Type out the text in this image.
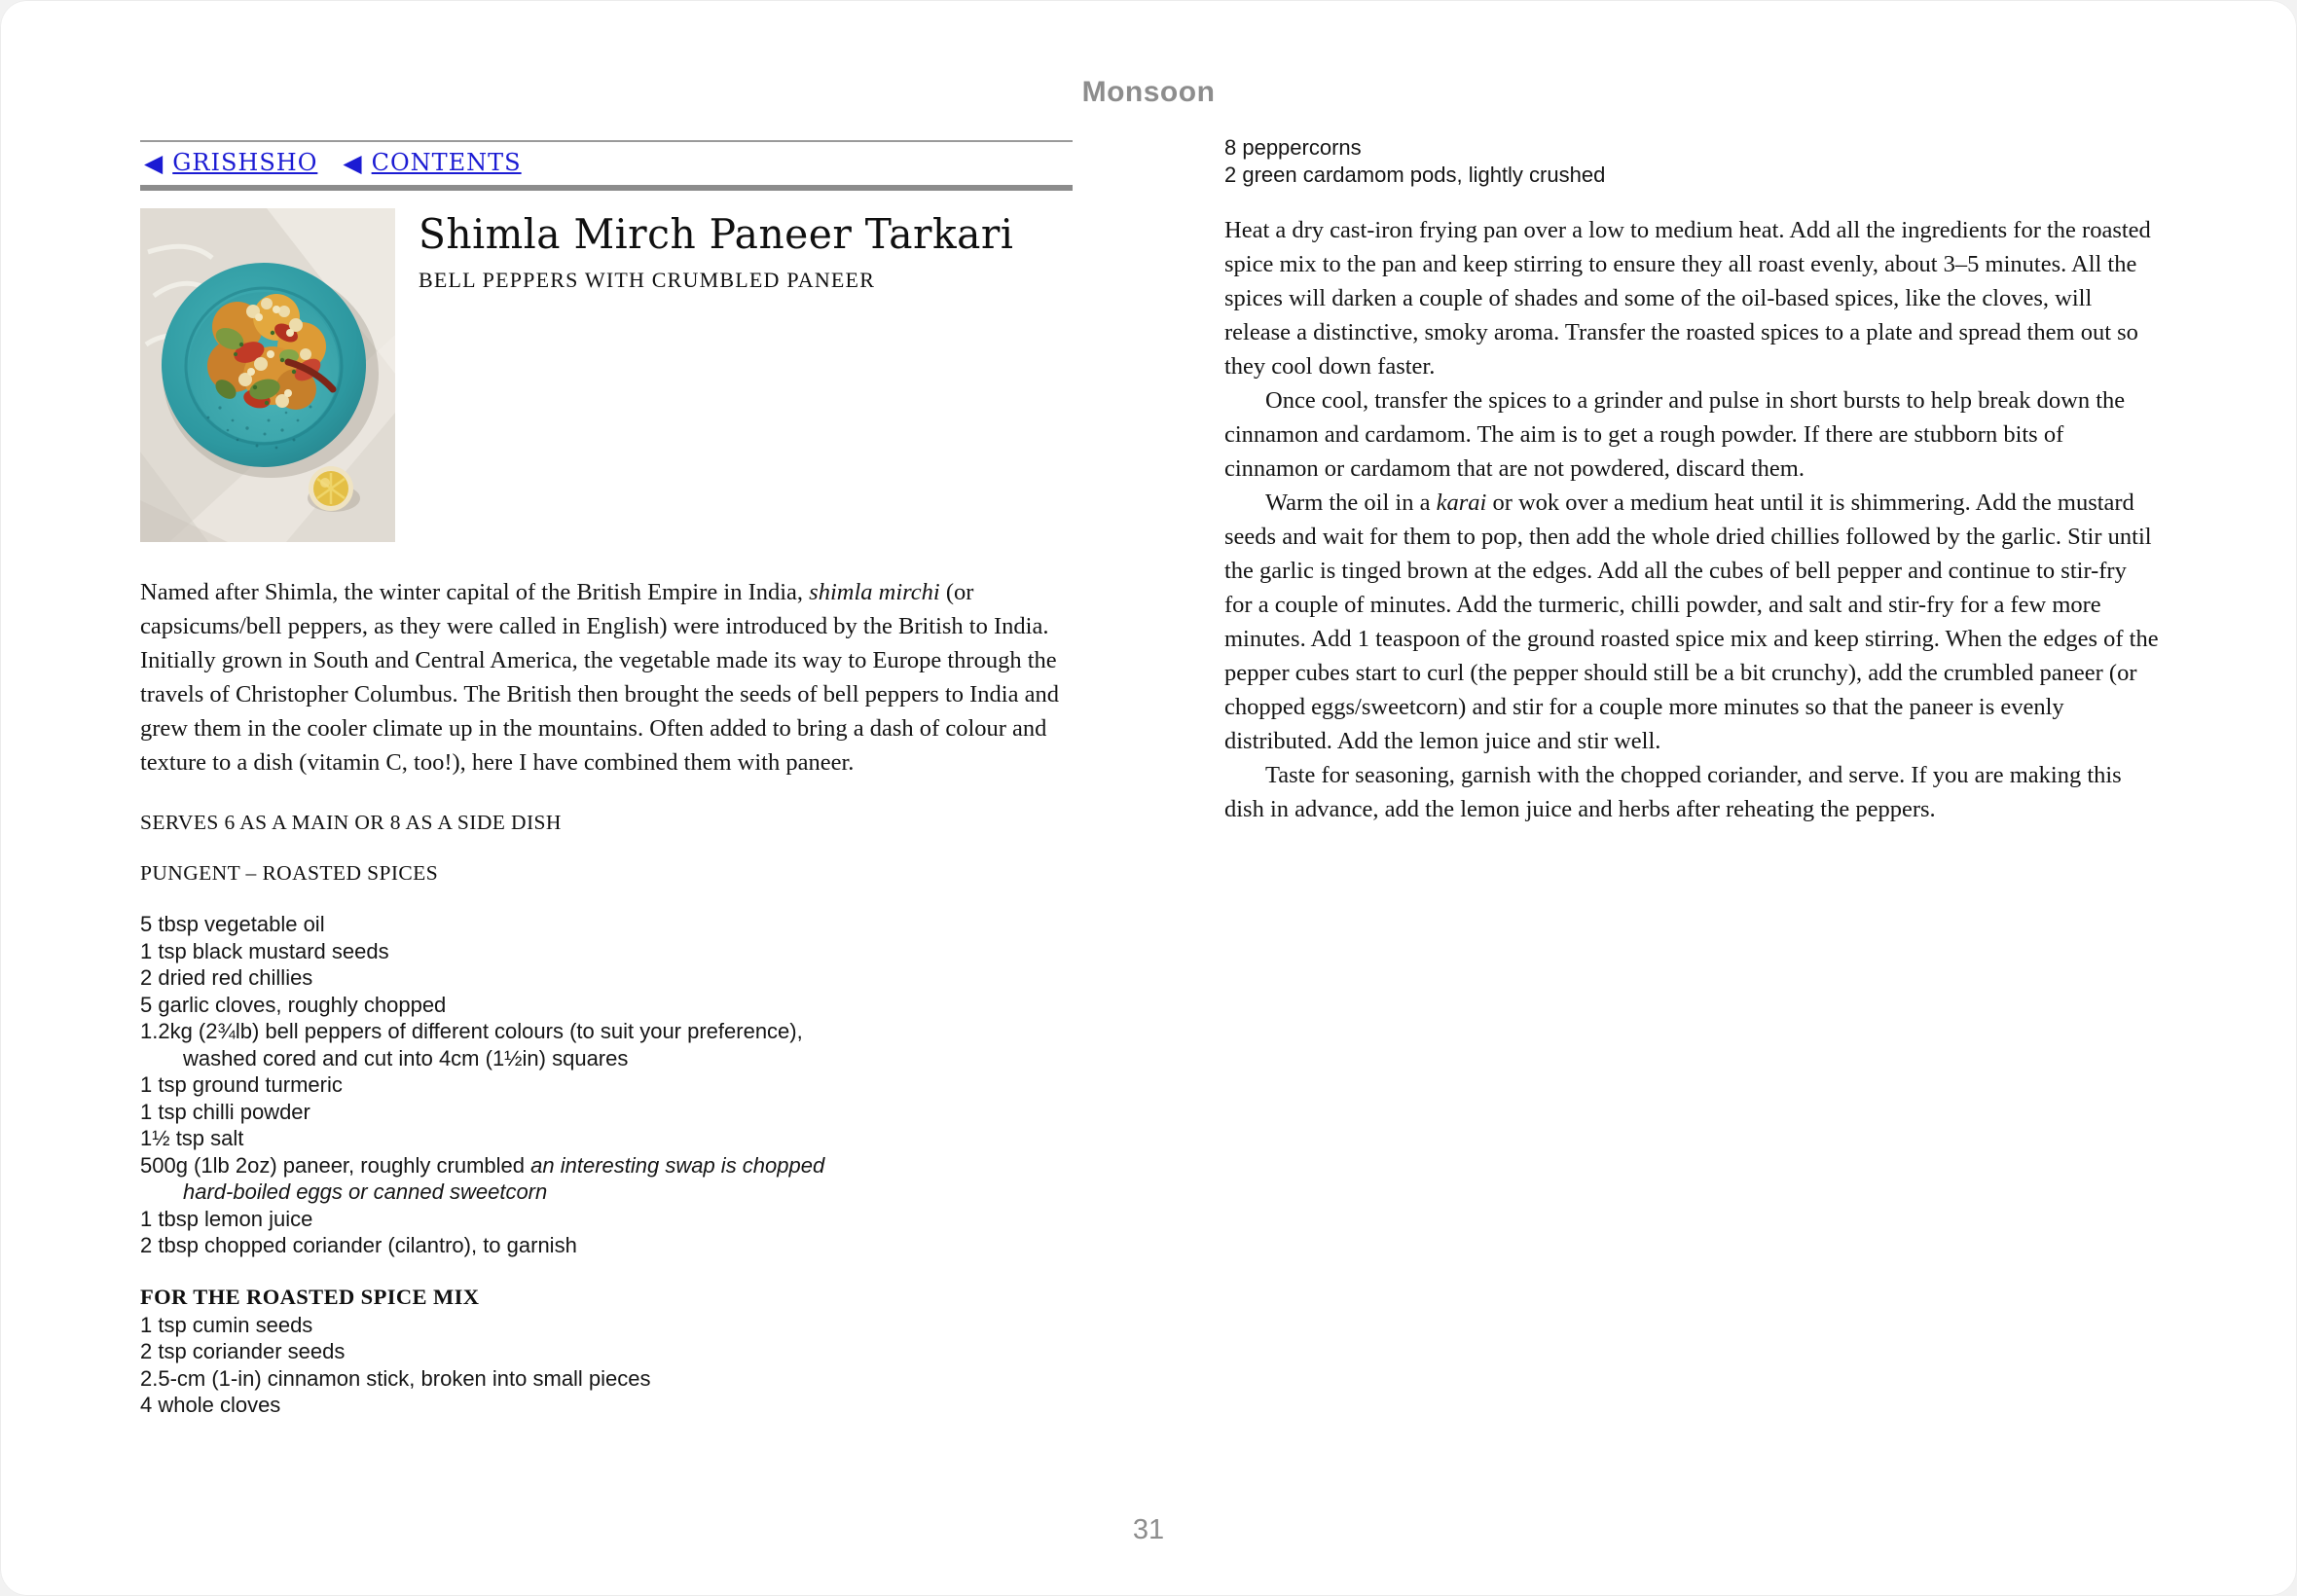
Monsoon
◀ GRISHSHO ◀ CONTENTS
Shimla Mirch Paneer Tarkari
BELL PEPPERS WITH CRUMBLED PANEER

Named after Shimla, the winter capital of the British Empire in India, shimla mirchi (or capsicums/bell peppers, as they were called in English) were introduced by the British to India. Initially grown in South and Central America, the vegetable made its way to Europe through the travels of Christopher Columbus. The British then brought the seeds of bell peppers to India and grew them in the cooler climate up in the mountains. Often added to bring a dash of colour and texture to a dish (vitamin C, too!), here I have combined them with paneer.

SERVES 6 AS A MAIN OR 8 AS A SIDE DISH
PUNGENT – ROASTED SPICES
5 tbsp vegetable oil
1 tsp black mustard seeds
2 dried red chillies
5 garlic cloves, roughly chopped
1.2kg (2¾lb) bell peppers of different colours (to suit your preference),
washed cored and cut into 4cm (1½in) squares
1 tsp ground turmeric
1 tsp chilli powder
1½ tsp salt
500g (1lb 2oz) paneer, roughly crumbled an interesting swap is chopped
hard-boiled eggs or canned sweetcorn
1 tbsp lemon juice
2 tbsp chopped coriander (cilantro), to garnish
FOR THE ROASTED SPICE MIX
1 tsp cumin seeds
2 tsp coriander seeds
2.5-cm (1-in) cinnamon stick, broken into small pieces
4 whole cloves
8 peppercorns
2 green cardamom pods, lightly crushed

Heat a dry cast-iron frying pan over a low to medium heat. Add all the ingredients for the roasted spice mix to the pan and keep stirring to ensure they all roast evenly, about 3–5 minutes. All the spices will darken a couple of shades and some of the oil-based spices, like the cloves, will release a distinctive, smoky aroma. Transfer the roasted spices to a plate and spread them out so they cool down faster.

Once cool, transfer the spices to a grinder and pulse in short bursts to help break down the cinnamon and cardamom. The aim is to get a rough powder. If there are stubborn bits of cinnamon or cardamom that are not powdered, discard them.

Warm the oil in a karai or wok over a medium heat until it is shimmering. Add the mustard seeds and wait for them to pop, then add the whole dried chillies followed by the garlic. Stir until the garlic is tinged brown at the edges. Add all the cubes of bell pepper and continue to stir-fry for a couple of minutes. Add the turmeric, chilli powder, and salt and stir-fry for a few more minutes. Add 1 teaspoon of the ground roasted spice mix and keep stirring. When the edges of the pepper cubes start to curl (the pepper should still be a bit crunchy), add the crumbled paneer (or chopped eggs/sweetcorn) and stir for a couple more minutes so that the paneer is evenly distributed. Add the lemon juice and stir well.

Taste for seasoning, garnish with the chopped coriander, and serve. If you are making this dish in advance, add the lemon juice and herbs after reheating the peppers.

31
